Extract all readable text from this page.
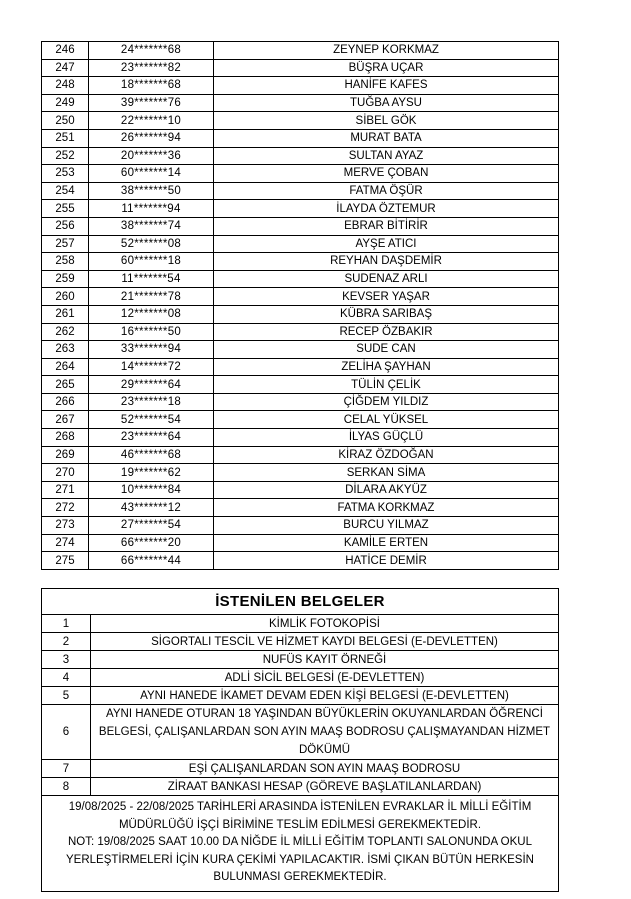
246	24*******68	ZEYNEP KORKMAZ
247	23*******82	BÜŞRA UÇAR
248	18*******68	HANİFE KAFES
249	39*******76	TUĞBA AYSU
250	22*******10	SİBEL GÖK
251	26*******94	MURAT BATA
252	20*******36	SULTAN AYAZ
253	60*******14	MERVE ÇOBAN
254	38*******50	FATMA ÖŞÜR
255	11*******94	İLAYDA ÖZTEMUR
256	38*******74	EBRAR BİTİRİR
257	52*******08	AYŞE ATICI
258	60*******18	REYHAN DAŞDEMİR
259	11*******54	SUDENAZ ARLI
260	21*******78	KEVSER YAŞAR
261	12*******08	KÜBRA SARIBAŞ
262	16*******50	RECEP ÖZBAKIR
263	33*******94	SUDE CAN
264	14*******72	ZELİHA ŞAYHAN
265	29*******64	TÜLİN ÇELİK
266	23*******18	ÇİĞDEM YILDIZ
267	52*******54	CELAL YÜKSEL
268	23*******64	İLYAS GÜÇLÜ
269	46*******68	KİRAZ ÖZDOĞAN
270	19*******62	SERKAN SİMA
271	10*******84	DİLARA AKYÜZ
272	43*******12	FATMA KORKMAZ
273	27*******54	BURCU YILMAZ
274	66*******20	KAMİLE ERTEN
275	66*******44	HATİCE DEMİR
İSTENİLEN BELGELER	
1	KİMLİK FOTOKOPİSİ
2	SİGORTALI TESCİL VE HİZMET KAYDI BELGESİ (E-DEVLETTEN)
3	NUFÜS KAYIT ÖRNEĞİ
4	ADLİ SİCİL BELGESİ (E-DEVLETTEN)
5	AYNI HANEDE İKAMET DEVAM EDEN KİŞİ BELGESİ (E-DEVLETTEN)
6	AYNI HANEDE OTURAN 18 YAŞINDAN BÜYÜKLERİN OKUYANLARDAN ÖĞRENCİ BELGESİ, ÇALIŞANLARDAN SON AYIN MAAŞ BODROSU ÇALIŞMAYANDAN HİZMET DÖKÜMÜ
7	EŞİ ÇALIŞANLARDAN SON AYIN MAAŞ BODROSU
8	ZİRAAT BANKASI HESAP (GÖREVE BAŞLATILANLARDAN)

19/08/2025 - 22/08/2025 TARİHLERİ ARASINDA İSTENİLEN EVRAKLAR İL MİLLİ EĞİTİM
MÜDÜRLÜĞÜ İŞÇİ BİRİMİNE TESLİM EDİLMESİ GEREKMEKTEDİR.
NOT: 19/08/2025 SAAT 10.00 DA NİĞDE İL MİLLİ EĞİTİM TOPLANTI SALONUNDA OKUL
YERLEŞTİRMELERİ İÇİN KURA ÇEKİMİ YAPILACAKTIR. İSMİ ÇIKAN BÜTÜN HERKESİN
BULUNMASI GEREKMEKTEDİR.	
